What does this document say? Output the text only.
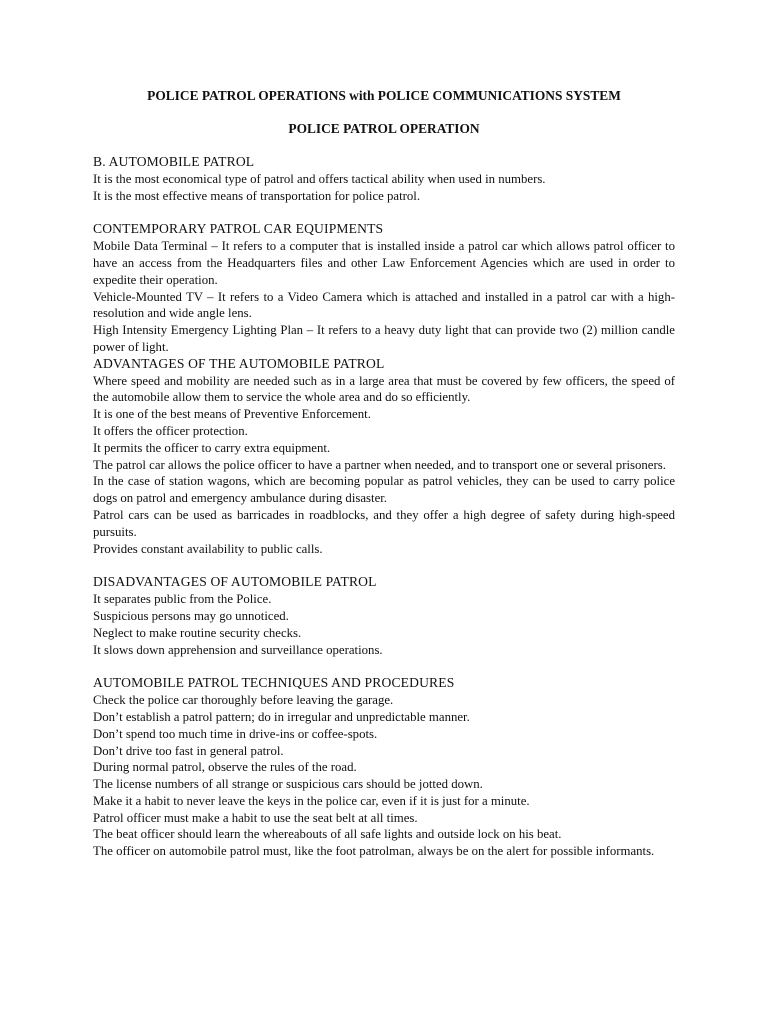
POLICE PATROL OPERATIONS with POLICE COMMUNICATIONS SYSTEM

POLICE PATROL OPERATION

B. AUTOMOBILE PATROL

It is the most economical type of patrol and offers tactical ability when used in numbers.

It is the most effective means of transportation for police patrol.

CONTEMPORARY PATROL CAR EQUIPMENTS

Mobile Data Terminal – It refers to a computer that is installed inside a patrol car which allows patrol officer to have an access from the Headquarters files and other Law Enforcement Agencies which are used in order to expedite their operation.

Vehicle-Mounted TV – It refers to a Video Camera which is attached and installed in a patrol car with a high-resolution and wide angle lens.

High Intensity Emergency Lighting Plan – It refers to a heavy duty light that can provide two (2) million candle power of light.

ADVANTAGES OF THE AUTOMOBILE PATROL

Where speed and mobility are needed such as in a large area that must be covered by few officers, the speed of the automobile allow them to service the whole area and do so efficiently.

It is one of the best means of Preventive Enforcement.

It offers the officer protection.

It permits the officer to carry extra equipment.

The patrol car allows the police officer to have a partner when needed, and to transport one or several prisoners.

In the case of station wagons, which are becoming popular as patrol vehicles, they can be used to carry police dogs on patrol and emergency ambulance during disaster.

Patrol cars can be used as barricades in roadblocks, and they offer a high degree of safety during high-speed pursuits.

Provides constant availability to public calls.

DISADVANTAGES OF AUTOMOBILE PATROL

It separates public from the Police.

Suspicious persons may go unnoticed.

Neglect to make routine security checks.

It slows down apprehension and surveillance operations.

AUTOMOBILE PATROL TECHNIQUES AND PROCEDURES

Check the police car thoroughly before leaving the garage.

Don’t establish a patrol pattern; do in irregular and unpredictable manner.

Don’t spend too much time in drive-ins or coffee-spots.

Don’t drive too fast in general patrol.

During normal patrol, observe the rules of the road.

The license numbers of all strange or suspicious cars should be jotted down.

Make it a habit to never leave the keys in the police car, even if it is just for a minute.

Patrol officer must make a habit to use the seat belt at all times.

The beat officer should learn the whereabouts of all safe lights and outside lock on his beat.

The officer on automobile patrol must, like the foot patrolman, always be on the alert for possible informants.
